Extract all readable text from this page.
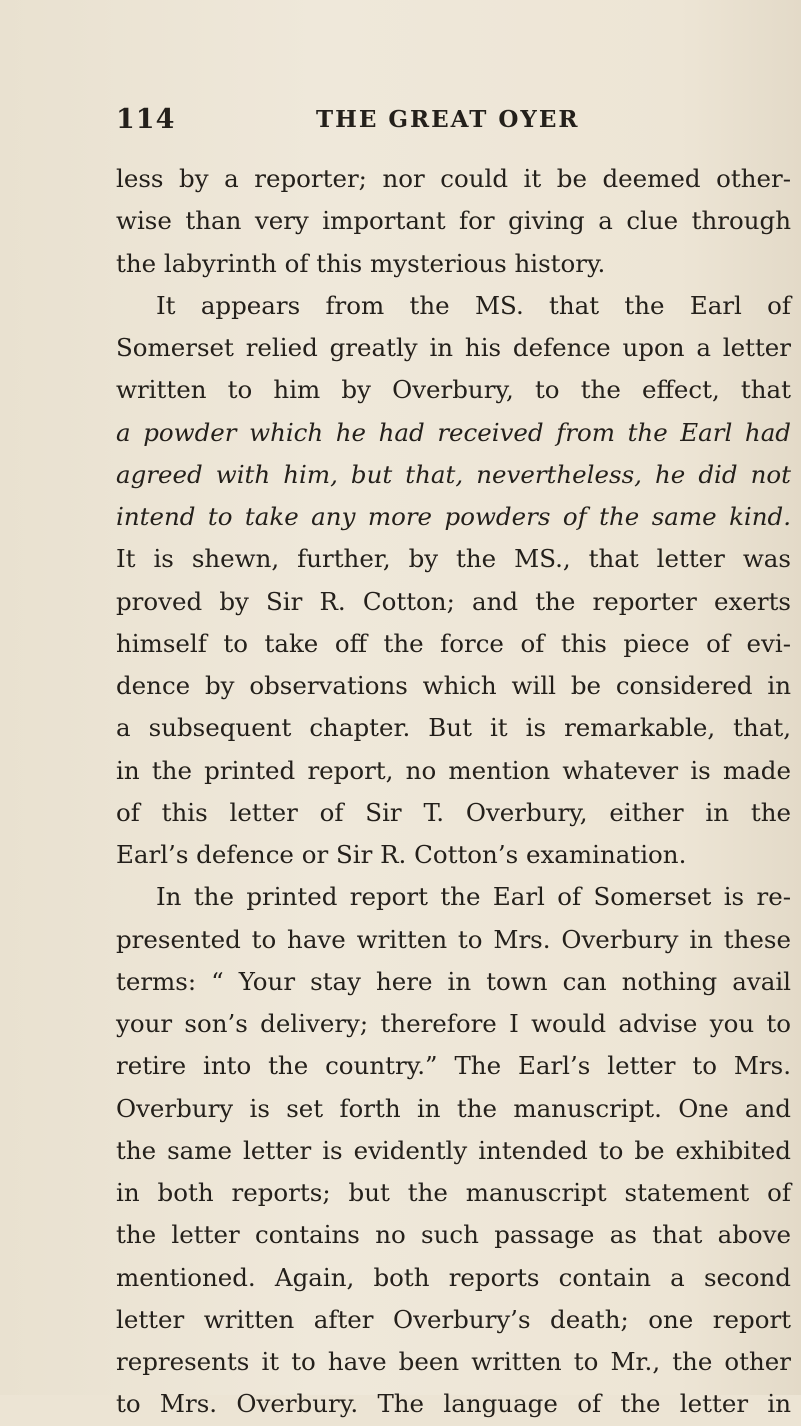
114	THE GREAT OYER
less by a reporter; nor could it be deemed other-
wise than very important for giving a clue through
the labyrinth of this mysterious history.
It appears from the MS. that the Earl of
Somerset relied greatly in his defence upon a letter
written to him by Overbury, to the effect, that
a powder which he had received from the Earl had
agreed with him, but that, nevertheless, he did not
intend to take any more powders of the same kind.
It is shewn, further, by the MS., that letter was
proved by Sir R. Cotton; and the reporter exerts
himself to take off the force of this piece of evi-
dence by observations which will be considered in
a subsequent chapter. But it is remarkable, that,
in the printed report, no mention whatever is made
of this letter of Sir T. Overbury, either in the
Earl’s defence or Sir R. Cotton’s examination.
In the printed report the Earl of Somerset is re-
presented to have written to Mrs. Overbury in these
terms: “ Your stay here in town can nothing avail
your son’s delivery; therefore I would advise you to
retire into the country.” The Earl’s letter to Mrs.
Overbury is set forth in the manuscript. One and
the same letter is evidently intended to be exhibited
in both reports; but the manuscript statement of
the letter contains no such passage as that above
mentioned. Again, both reports contain a second
letter written after Overbury’s death; one report
represents it to have been written to Mr., the other
to Mrs. Overbury. The language of the letter in
